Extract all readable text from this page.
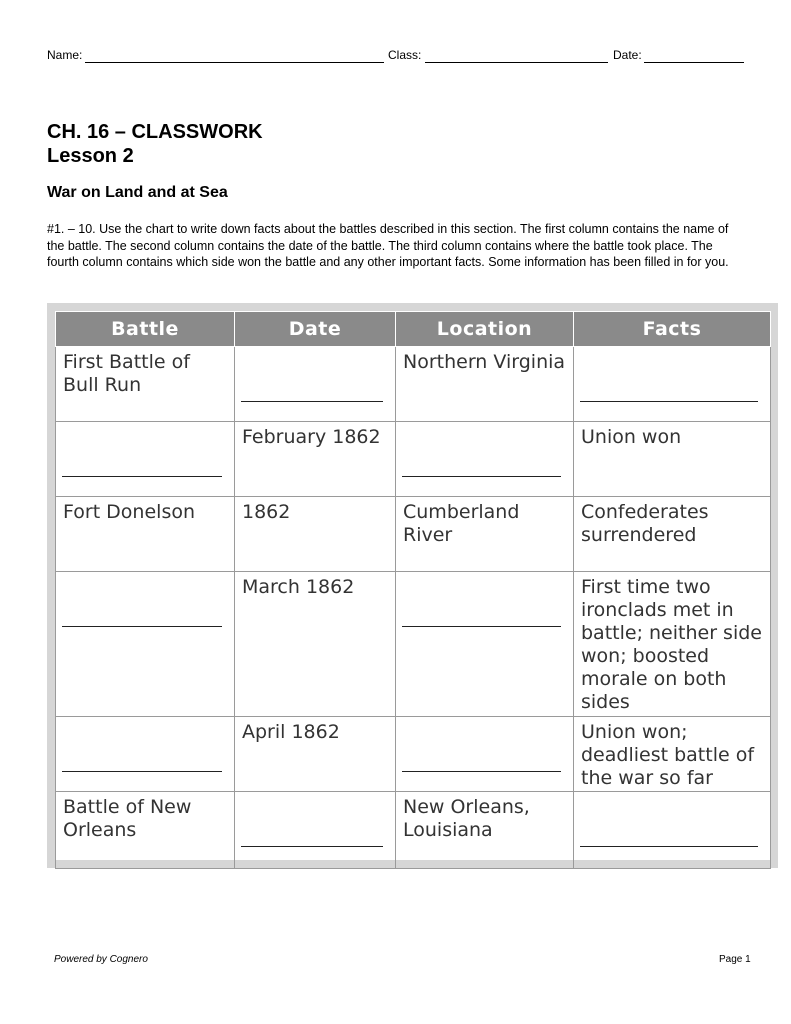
Name:	Class:	Date:
CH. 16 – CLASSWORK
Lesson 2
War on Land and at Sea
#1. – 10. Use the chart to write down facts about the battles described in this section. The first column contains the name of the battle. The second column contains the date of the battle. The third column contains where the battle took place. The fourth column contains which side won the battle and any other important facts. Some information has been filled in for you.
Battle	Date	Location	Facts
First Battle of Bull Run		Northern Virginia	

	February 1862		Union won
Fort Donelson	1862	Cumberland River	Confederates surrendered

	March 1862		First time two ironclads met in battle; neither side won; boosted morale on both sides

	April 1862		Union won; deadliest battle of the war so far
Battle of New Orleans		New Orleans, Louisiana	
Powered by Cognero	Page 1
